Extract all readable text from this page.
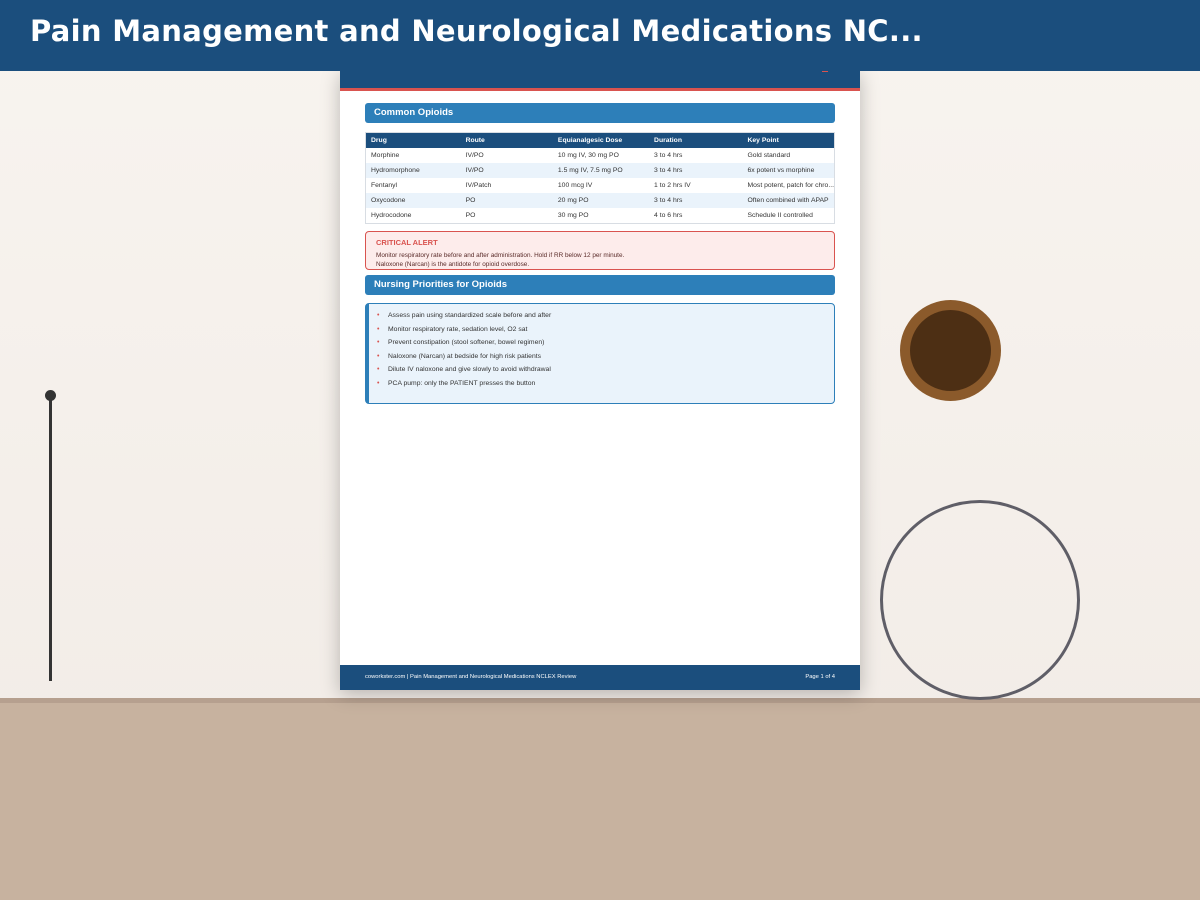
Pain Management and Neurological Medications NC...
Common Opioids
Drug	Route	Equianalgesic Dose	Duration	Key Point
Morphine	IV/PO	10 mg IV, 30 mg PO	3 to 4 hrs	Gold standard
Hydromorphone	IV/PO	1.5 mg IV, 7.5 mg PO	3 to 4 hrs	6x potent vs morphine
Fentanyl	IV/Patch	100 mcg IV	1 to 2 hrs IV	Most potent, patch for chro...
Oxycodone	PO	20 mg PO	3 to 4 hrs	Often combined with APAP
Hydrocodone	PO	30 mg PO	4 to 6 hrs	Schedule II controlled
CRITICAL ALERT
Monitor respiratory rate before and after administration. Hold if RR below 12 per minute.
Naloxone (Narcan) is the antidote for opioid overdose.
Nursing Priorities for Opioids
• Assess pain using standardized scale before and after
• Monitor respiratory rate, sedation level, O2 sat
• Prevent constipation (stool softener, bowel regimen)
• Naloxone (Narcan) at bedside for high risk patients
• Dilute IV naloxone and give slowly to avoid withdrawal
• PCA pump: only the PATIENT presses the button
coworkster.com | Pain Management and Neurological Medications NCLEX Review	Page 1 of 4
